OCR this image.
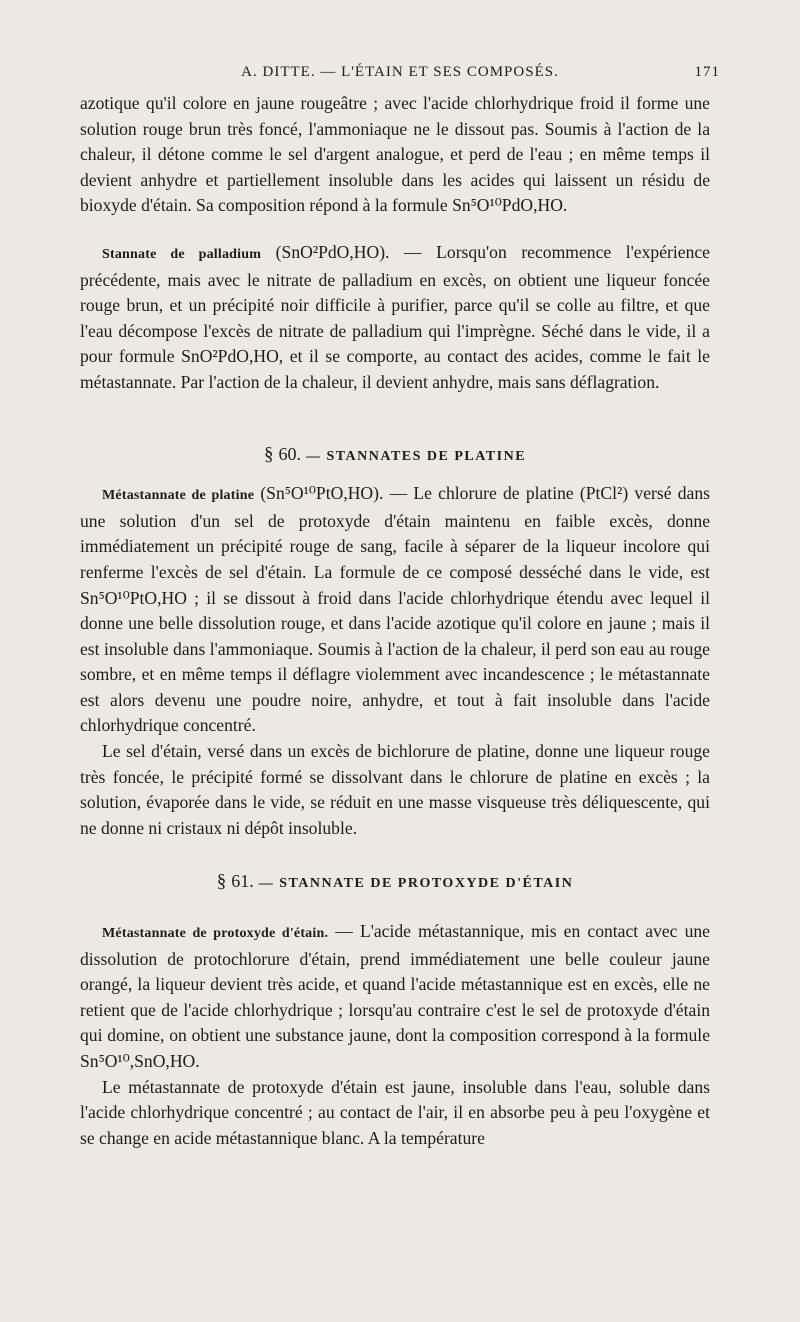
A. DITTE. — L'ÉTAIN ET SES COMPOSÉS.	171

azotique qu'il colore en jaune rougeâtre ; avec l'acide chlorhydrique froid il forme une solution rouge brun très foncé, l'ammoniaque ne le dissout pas. Soumis à l'action de la chaleur, il détone comme le sel d'argent analogue, et perd de l'eau ; en même temps il devient anhydre et partiellement insoluble dans les acides qui laissent un résidu de bioxyde d'étain. Sa composition répond à la formule Sn⁵O¹⁰PdO,HO.

Stannate de palladium (SnO²PdO,HO). — Lorsqu'on recommence l'expérience précédente, mais avec le nitrate de palladium en excès, on obtient une liqueur foncée rouge brun, et un précipité noir difficile à purifier, parce qu'il se colle au filtre, et que l'eau décompose l'excès de nitrate de palladium qui l'imprègne. Séché dans le vide, il a pour formule SnO²PdO,HO, et il se comporte, au contact des acides, comme le fait le métastannate. Par l'action de la chaleur, il devient anhydre, mais sans déflagration.

§ 60. — STANNATES DE PLATINE

Métastannate de platine (Sn⁵O¹⁰PtO,HO). — Le chlorure de platine (PtCl²) versé dans une solution d'un sel de protoxyde d'étain maintenu en faible excès, donne immédiatement un précipité rouge de sang, facile à séparer de la liqueur incolore qui renferme l'excès de sel d'étain. La formule de ce composé desséché dans le vide, est Sn⁵O¹⁰PtO,HO ; il se dissout à froid dans l'acide chlorhydrique étendu avec lequel il donne une belle dissolution rouge, et dans l'acide azotique qu'il colore en jaune ; mais il est insoluble dans l'ammoniaque. Soumis à l'action de la chaleur, il perd son eau au rouge sombre, et en même temps il déflagre violemment avec incandescence ; le métastannate est alors devenu une poudre noire, anhydre, et tout à fait insoluble dans l'acide chlorhydrique concentré.

Le sel d'étain, versé dans un excès de bichlorure de platine, donne une liqueur rouge très foncée, le précipité formé se dissolvant dans le chlorure de platine en excès ; la solution, évaporée dans le vide, se réduit en une masse visqueuse très déliquescente, qui ne donne ni cristaux ni dépôt insoluble.

§ 61. — STANNATE DE PROTOXYDE D'ÉTAIN

Métastannate de protoxyde d'étain. — L'acide métastannique, mis en contact avec une dissolution de protochlorure d'étain, prend immédiatement une belle couleur jaune orangé, la liqueur devient très acide, et quand l'acide métastannique est en excès, elle ne retient que de l'acide chlorhydrique ; lorsqu'au contraire c'est le sel de protoxyde d'étain qui domine, on obtient une substance jaune, dont la composition correspond à la formule Sn⁵O¹⁰,SnO,HO.

Le métastannate de protoxyde d'étain est jaune, insoluble dans l'eau, soluble dans l'acide chlorhydrique concentré ; au contact de l'air, il en absorbe peu à peu l'oxygène et se change en acide métastannique blanc. A la température
